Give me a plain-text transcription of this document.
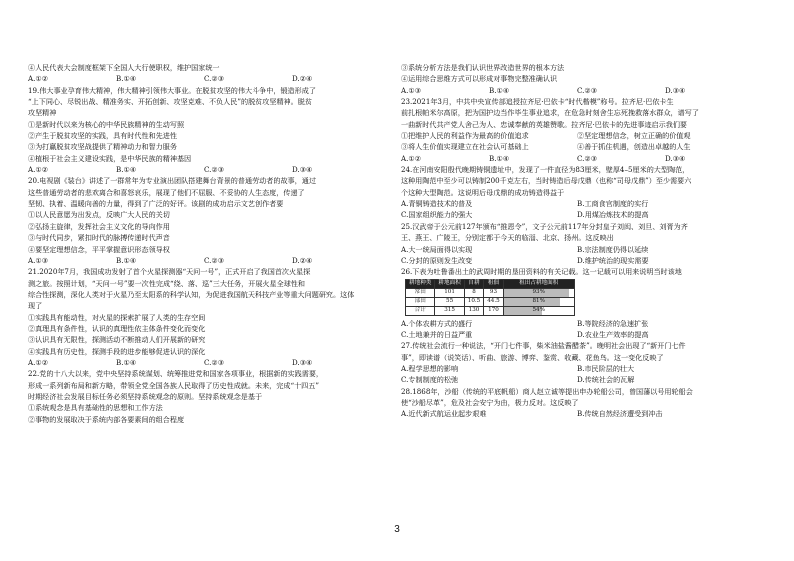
④人民代表大会制度框架下全国人大行使职权，维护国家统一
A.①②	B.①④	C.②③	D.②④
19.伟大事业孕育伟大精神，伟大精神引领伟大事业。在脱贫攻坚的伟大斗争中，锻造形成了
“上下同心、尽锐出战、精准务实、开拓创新、攻坚克难、不负人民”的脱贫攻坚精神。脱贫
攻坚精神
①是新时代以来为核心的中华民族精神的生动写照
②产生于脱贫攻坚的实践，具有时代性和先进性
③为打赢脱贫攻坚战提供了精神动力和智力服务
④植根于社会主义建设实践，是中华民族的精神基因
A.①②	B.①④	C.②③	D.③④
20.电视剧《装台》讲述了一群常年为专业演出团队搭建舞台背景的普通劳动者的故事，通过
这些普通劳动者的悲欢离合和喜怒哀乐，展现了他们不屈服、不妥协的人生态度，传递了
坚韧、执着、温暖向善的力量，得到了广泛的好评。该剧的成功启示文艺创作者要
①以人民意愿为出发点，反映广大人民的关切
②弘扬主旋律，发挥社会主义文化的导向作用
③与时代同步，紧扣时代的脉搏传递时代声音
④要坚定理想信念，平平掌握意识形态领导权
A.①③	B.①④	C.②③	D.②④
21.2020年7月，我国成功发射了首个火星探测器“天问一号”，正式开启了我国首次火星探
测之旅。按照计划，“天问一号”要一次性完成“绕、落、巡”三大任务，开展火星全球性和
综合性探测，深化人类对于火星乃至太阳系的科学认知，为促进我国航天科技产业等重大问题研究。这体
现了
①实践具有能动性，对火星的探索扩展了人类的生存空间
②真理具有条件性，认识的真理性依主体条件变化而变化
③认识具有无限性，探测活动不断推动人们开展新的研究
④实践具有历史性，探测手段的进步能够促进认识的深化
A.①②	B.①④	C.②③	D.③④
22.党的十八大以来，党中央坚持系统谋划、统筹推进党和国家各项事业，根据新的实践需要，
形成一系列新布局和新方略，带领全党全国各族人民取得了历史性成就。未来，完成“十四五”
时期经济社会发展目标任务必须坚持系统观念的原则。坚持系统观念是基于
①系统观念是具有基础性的思想和工作方法
②事物的发展取决于系统内部各要素间的组合程度
③系统分析方法是我们认识世界改造世界的根本方法
④运用综合思维方式可以形成对事物完整准确认识
A.①③	B.①④	C.②③	D.③④
23.2021年3月，中共中央宣传部追授拉齐尼·巴依卡“时代楷模”称号。拉齐尼·巴依卡生
前扎根帕米尔高原，把为国护边当作毕生事业追求，在危急时刻舍生忘死挽救落水群众，谱写了
一曲新时代共产党人舍己为人、忠诚奉献的英雄赞歌。拉齐尼·巴依卡的先进事迹启示我们要
①把维护人民的利益作为最高的价值追求	②坚定理想信念，树立正确的价值观
③将人生价值实现建立在社会认可基础上	④善于抓住机遇，创造出卓越的人生
A.①②	B.①④	C.②③	D.③④
24.在河南安阳殷代晚期铸铜遗址中，发现了一件直径为83厘米，壁厚4–5厘米的大型陶范，
这种用陶范中至少可以铸制200千克左右，当时铸造后母戊鼎（也称“司母戊鼎”）至少需要六
个这种大型陶范。这说明后母戊鼎的成功铸造得益于
A.青铜铸造技术的普及	B.工商食官制度的实行
C.国家组织能力的强大	D.用煤冶炼技术的提高
25.汉武帝于公元前127年颁布“推恩令”，文子公元前117年分封皇子刘闳、刘旦、刘胥为齐
王、燕王、广陵王，分别定都于今天的临淄、北京、扬州。这反映出
A.大一统局面得以实现	B.宗法制度仍得以延续
C.分封的原则发生改变	D.维护统治的现实需要
26.下表为吐鲁番出土的武周时期的垦田资料的有关记载。这一记载可以用来说明当时该地
耕地种类	耕地面积	自耕	租佃	租田占耕地面积
常田	101	8	93	93%
部田	55	10.5	44.5	81%
合计	315	130	170	54%
A.个体农耕方式的盛行	B.等院经济的急速扩张
C.土地兼并的日益严重	D.农业生产效率的提高
27.传统社会流行一种说法，“开门七件事，柴米油盐酱醋茶”。晚明社会出现了“新开门七件
事”，即读谱（说笑话）、听曲、旅游、博弈、鉴赏、收藏、花鱼鸟。这一变化反映了
A.程学思想的影响	B.市民阶层的壮大
C.专制制度的松弛	D.传统社会的瓦解
28.1868年，沙船（传统的平底帆船）商人赵立诚等提出申办轮船公司，曾国藩以号用轮船会
使“沙船尽革”，危及社会安宁为由，极力反对。这反映了
A.近代新式航运业起步艰难	B.传统自然经济遭受到冲击
3
